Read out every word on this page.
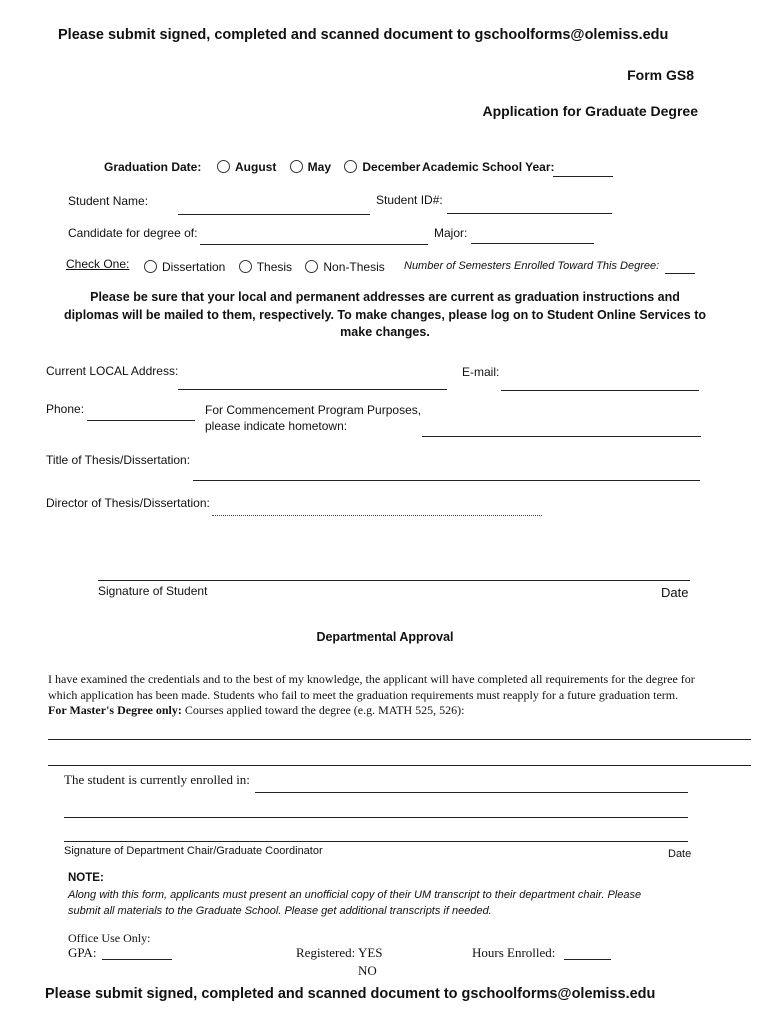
Please submit signed, completed and scanned document to gschoolforms@olemiss.edu
Form GS8
Application for Graduate Degree
Graduation Date:	August	May	December Academic School Year:
Student Name:	Student ID#:
Candidate for degree of:	Major:
Check One:	Dissertation	Thesis	Non-Thesis	Number of Semesters Enrolled Toward This Degree:
Please be sure that your local and permanent addresses are current as graduation instructions and
diplomas will be mailed to them, respectively. To make changes, please log on to Student Online Services to
make changes.
Current LOCAL Address:	E-mail:
Phone:	For Commencement Program Purposes,
please indicate hometown:
Title of Thesis/Dissertation:
Director of Thesis/Dissertation:
Signature of Student	Date
Departmental Approval
I have examined the credentials and to the best of my knowledge, the applicant will have completed all requirements for the degree for
which application has been made. Students who fail to meet the graduation requirements must reapply for a future graduation term.
For Master's Degree only: Courses applied toward the degree (e.g. MATH 525, 526):
The student is currently enrolled in:
Signature of Department Chair/Graduate Coordinator	Date
NOTE:
Along with this form, applicants must present an unofficial copy of their UM transcript to their department chair. Please
submit all materials to the Graduate School. Please get additional transcripts if needed.
Office Use Only:
GPA:	Registered: YES
NO
Hours Enrolled:
Please submit signed, completed and scanned document to gschoolforms@olemiss.edu
